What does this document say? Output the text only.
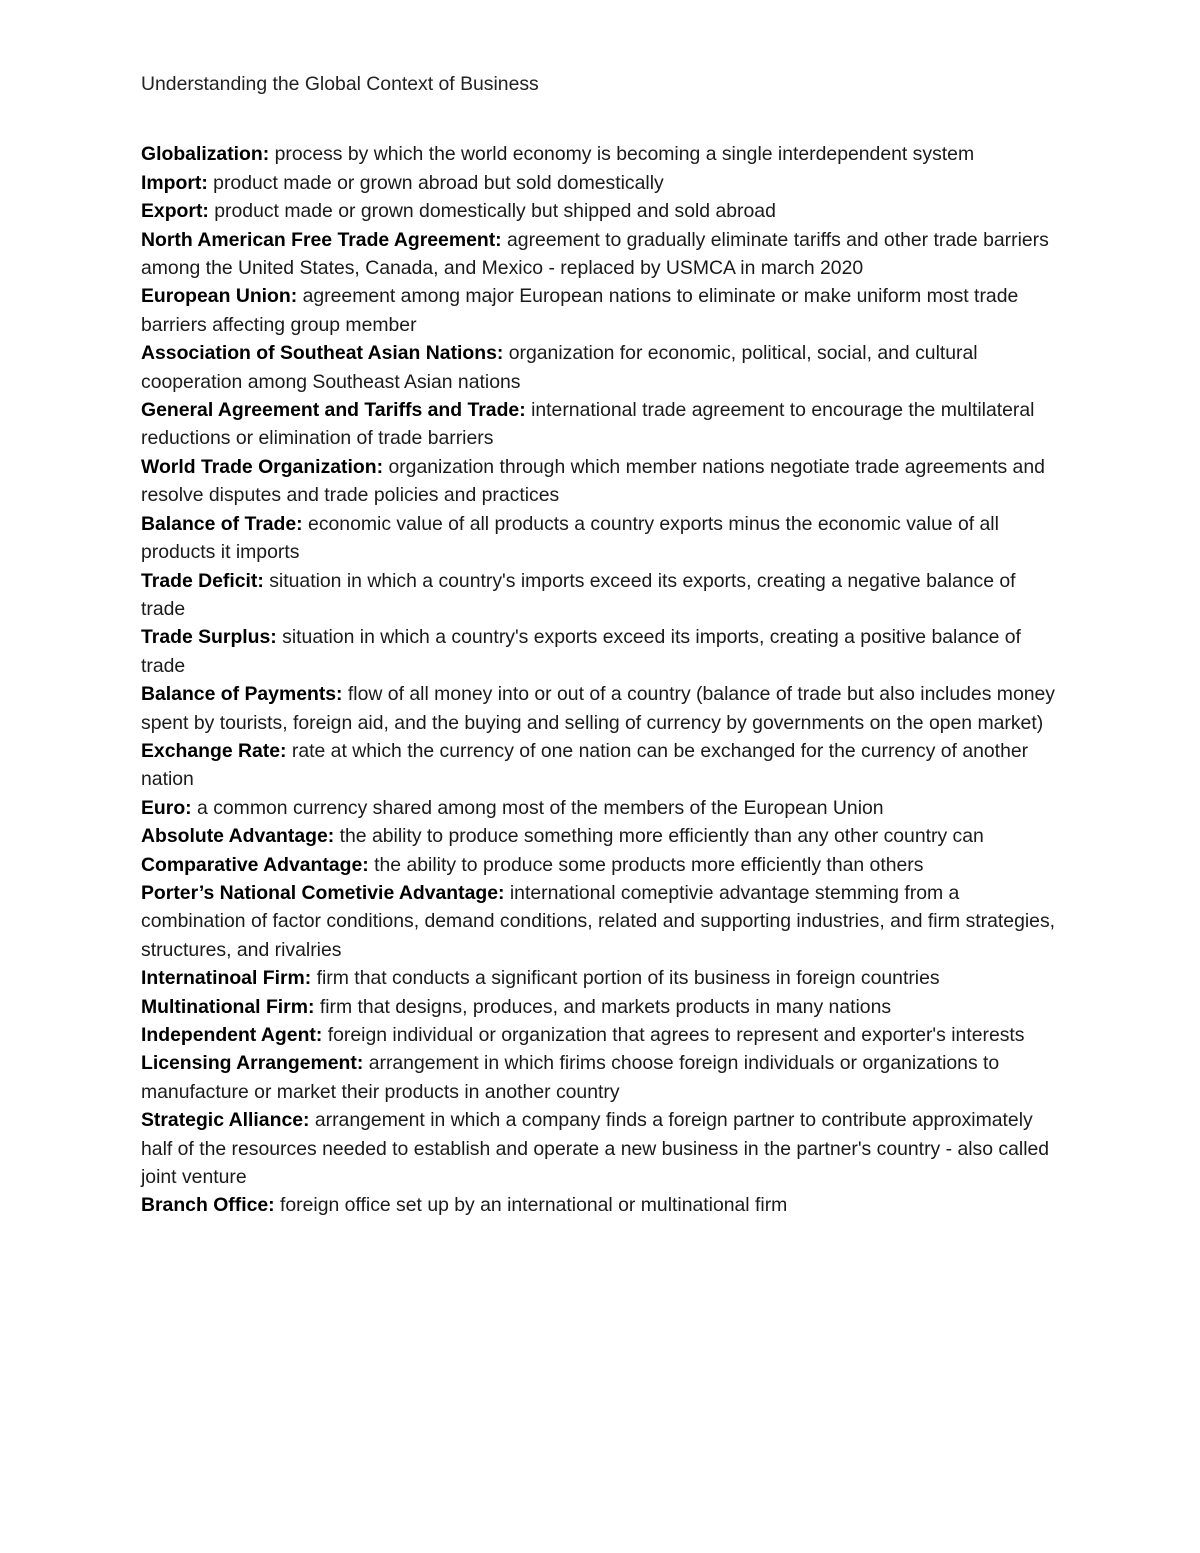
Understanding the Global Context of Business
Globalization: process by which the world economy is becoming a single interdependent system
Import: product made or grown abroad but sold domestically
Export: product made or grown domestically but shipped and sold abroad
North American Free Trade Agreement: agreement to gradually eliminate tariffs and other trade barriers among the United States, Canada, and Mexico - replaced by USMCA in march 2020
European Union: agreement among major European nations to eliminate or make uniform most trade barriers affecting group member
Association of Southeat Asian Nations: organization for economic, political, social, and cultural cooperation among Southeast Asian nations
General Agreement and Tariffs and Trade: international trade agreement to encourage the multilateral reductions or elimination of trade barriers
World Trade Organization: organization through which member nations negotiate trade agreements and resolve disputes and trade policies and practices
Balance of Trade: economic value of all products a country exports minus the economic value of all products it imports
Trade Deficit: situation in which a country's imports exceed its exports, creating a negative balance of trade
Trade Surplus: situation in which a country's exports exceed its imports, creating a positive balance of trade
Balance of Payments: flow of all money into or out of a country (balance of trade but also includes money spent by tourists, foreign aid, and the buying and selling of currency by governments on the open market)
Exchange Rate: rate at which the currency of one nation can be exchanged for the currency of another nation
Euro: a common currency shared among most of the members of the European Union
Absolute Advantage: the ability to produce something more efficiently than any other country can
Comparative Advantage: the ability to produce some products more efficiently than others
Porter’s National Cometivie Advantage: international comeptivie advantage stemming from a combination of factor conditions, demand conditions, related and supporting industries, and firm strategies, structures, and rivalries
Internatinoal Firm: firm that conducts a significant portion of its business in foreign countries
Multinational Firm: firm that designs, produces, and markets products in many nations
Independent Agent: foreign individual or organization that agrees to represent and exporter's interests
Licensing Arrangement: arrangement in which firims choose foreign individuals or organizations to manufacture or market their products in another country
Strategic Alliance: arrangement in which a company finds a foreign partner to contribute approximately half of the resources needed to establish and operate a new business in the partner's country - also called joint venture
Branch Office: foreign office set up by an international or multinational firm
